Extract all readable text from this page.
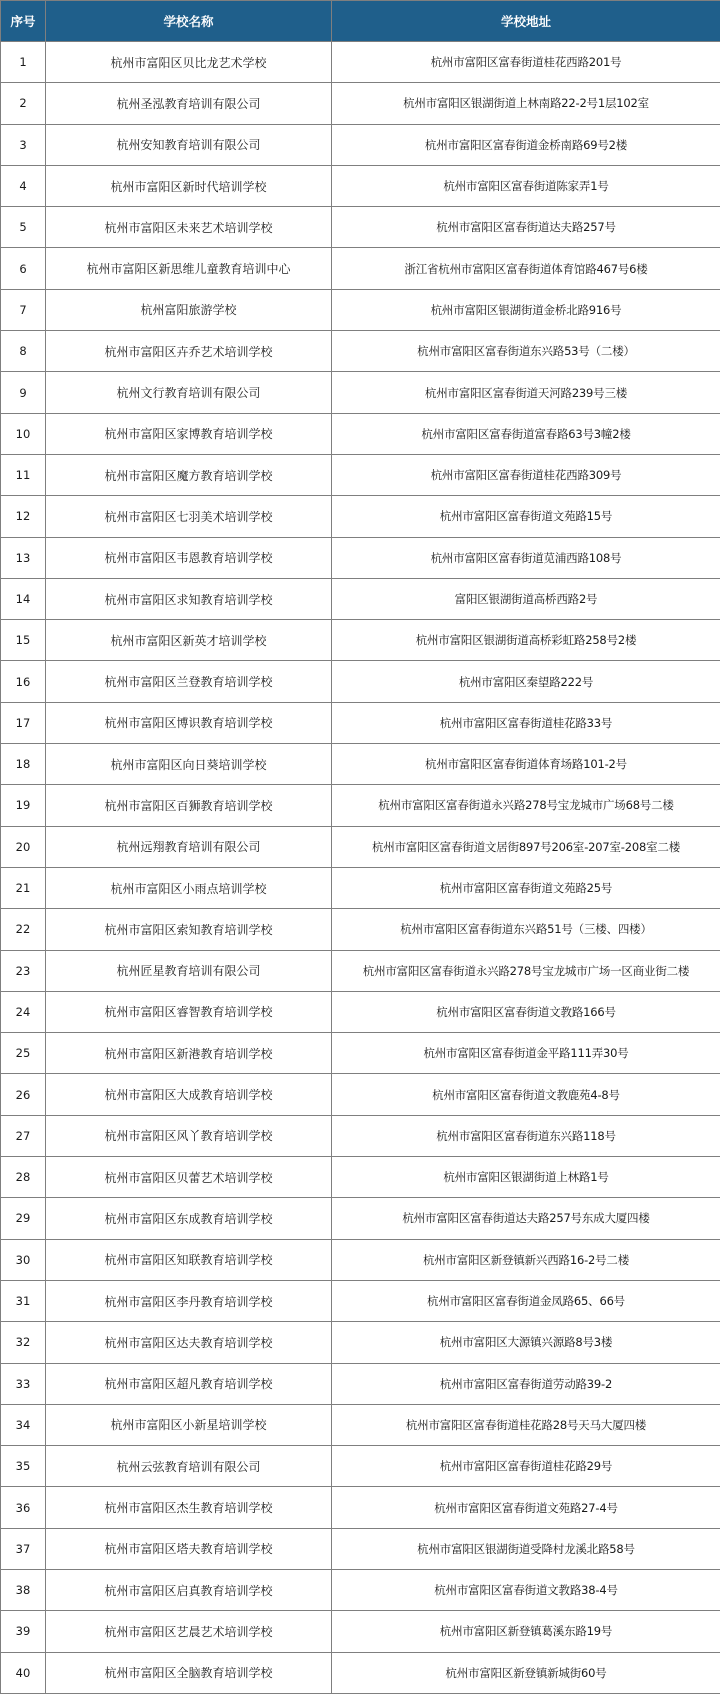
序号	学校名称	学校地址
1	杭州市富阳区贝比龙艺术学校	杭州市富阳区富春街道桂花西路201号
2	杭州圣泓教育培训有限公司	杭州市富阳区银湖街道上林南路22-2号1层102室
3	杭州安知教育培训有限公司	杭州市富阳区富春街道金桥南路69号2楼
4	杭州市富阳区新时代培训学校	杭州市富阳区富春街道陈家弄1号
5	杭州市富阳区未来艺术培训学校	杭州市富阳区富春街道达夫路257号
6	杭州市富阳区新思维儿童教育培训中心	浙江省杭州市富阳区富春街道体育馆路467号6楼
7	杭州富阳旅游学校	杭州市富阳区银湖街道金桥北路916号
8	杭州市富阳区卉乔艺术培训学校	杭州市富阳区富春街道东兴路53号（二楼）
9	杭州文行教育培训有限公司	杭州市富阳区富春街道天河路239号三楼
10	杭州市富阳区家博教育培训学校	杭州市富阳区富春街道富春路63号3幢2楼
11	杭州市富阳区魔方教育培训学校	杭州市富阳区富春街道桂花西路309号
12	杭州市富阳区七羽美术培训学校	杭州市富阳区富春街道文苑路15号
13	杭州市富阳区韦恩教育培训学校	杭州市富阳区富春街道苋浦西路108号
14	杭州市富阳区求知教育培训学校	富阳区银湖街道高桥西路2号
15	杭州市富阳区新英才培训学校	杭州市富阳区银湖街道高桥彩虹路258号2楼
16	杭州市富阳区兰登教育培训学校	杭州市富阳区秦望路222号
17	杭州市富阳区博识教育培训学校	杭州市富阳区富春街道桂花路33号
18	杭州市富阳区向日葵培训学校	杭州市富阳区富春街道体育场路101-2号
19	杭州市富阳区百狮教育培训学校	杭州市富阳区富春街道永兴路278号宝龙城市广场68号二楼
20	杭州远翔教育培训有限公司	杭州市富阳区富春街道文居街897号206室-207室-208室二楼
21	杭州市富阳区小雨点培训学校	杭州市富阳区富春街道文苑路25号
22	杭州市富阳区索知教育培训学校	杭州市富阳区富春街道东兴路51号（三楼、四楼）
23	杭州匠星教育培训有限公司	杭州市富阳区富春街道永兴路278号宝龙城市广场一区商业街二楼
24	杭州市富阳区睿智教育培训学校	杭州市富阳区富春街道文教路166号
25	杭州市富阳区新港教育培训学校	杭州市富阳区富春街道金平路111弄30号
26	杭州市富阳区大成教育培训学校	杭州市富阳区富春街道文教鹿苑4-8号
27	杭州市富阳区风丫教育培训学校	杭州市富阳区富春街道东兴路118号
28	杭州市富阳区贝蕾艺术培训学校	杭州市富阳区银湖街道上林路1号
29	杭州市富阳区东成教育培训学校	杭州市富阳区富春街道达夫路257号东成大厦四楼
30	杭州市富阳区知联教育培训学校	杭州市富阳区新登镇新兴西路16-2号二楼
31	杭州市富阳区李丹教育培训学校	杭州市富阳区富春街道金凤路65、66号
32	杭州市富阳区达夫教育培训学校	杭州市富阳区大源镇兴源路8号3楼
33	杭州市富阳区超凡教育培训学校	杭州市富阳区富春街道劳动路39-2
34	杭州市富阳区小新星培训学校	杭州市富阳区富春街道桂花路28号天马大厦四楼
35	杭州云弦教育培训有限公司	杭州市富阳区富春街道桂花路29号
36	杭州市富阳区杰生教育培训学校	杭州市富阳区富春街道文苑路27-4号
37	杭州市富阳区塔夫教育培训学校	杭州市富阳区银湖街道受降村龙溪北路58号
38	杭州市富阳区启真教育培训学校	杭州市富阳区富春街道文教路38-4号
39	杭州市富阳区艺晨艺术培训学校	杭州市富阳区新登镇葛溪东路19号
40	杭州市富阳区全脑教育培训学校	杭州市富阳区新登镇新城街60号
